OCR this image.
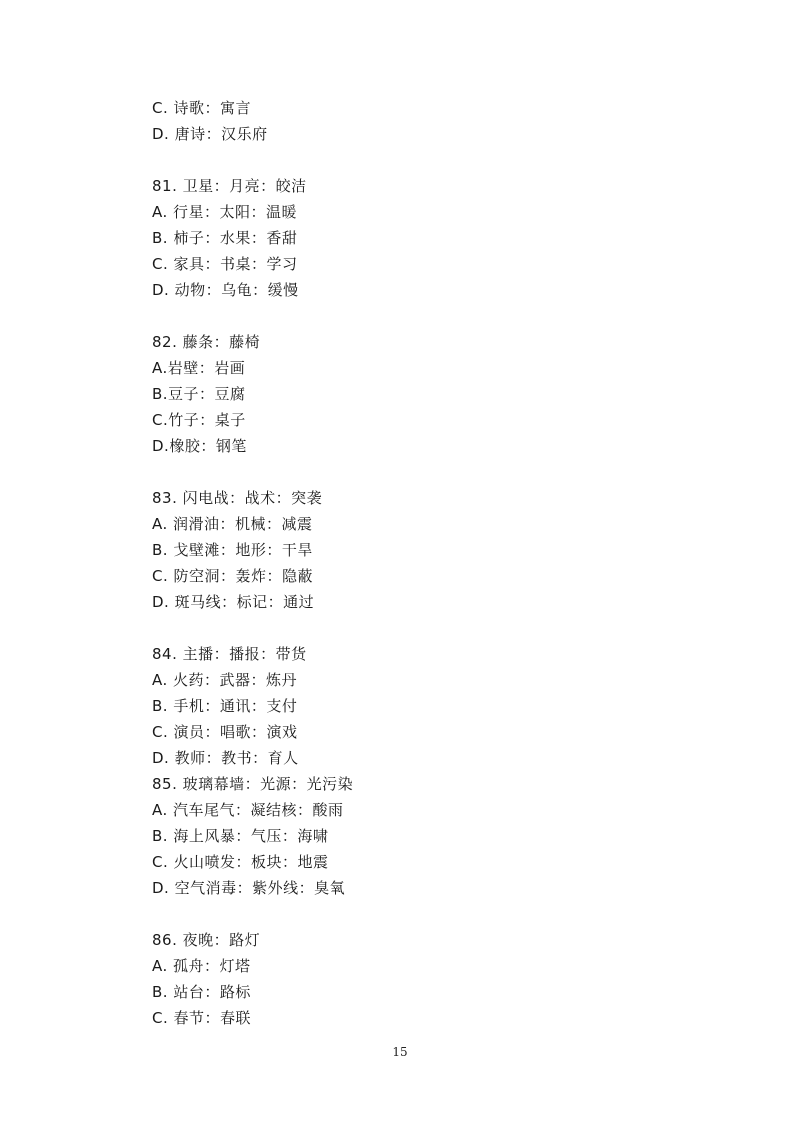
C. 诗歌：寓言
D. 唐诗：汉乐府
81. 卫星：月亮：皎洁
A. 行星：太阳：温暖
B. 柿子：水果：香甜
C. 家具：书桌：学习
D. 动物：乌龟：缓慢
82. 藤条：藤椅
A.岩壁：岩画
B.豆子：豆腐
C.竹子：桌子
D.橡胶：钢笔
83. 闪电战：战术：突袭
A. 润滑油：机械：减震
B. 戈壁滩：地形：干旱
C. 防空洞：轰炸：隐蔽
D. 斑马线：标记：通过
84. 主播：播报：带货
A. 火药：武器：炼丹
B. 手机：通讯：支付
C. 演员：唱歌：演戏
D. 教师：教书：育人
85. 玻璃幕墙：光源：光污染
A. 汽车尾气：凝结核：酸雨
B. 海上风暴：气压：海啸
C. 火山喷发：板块：地震
D. 空气消毒：紫外线：臭氧
86. 夜晚：路灯
A. 孤舟：灯塔
B. 站台：路标
C. 春节：春联
15
